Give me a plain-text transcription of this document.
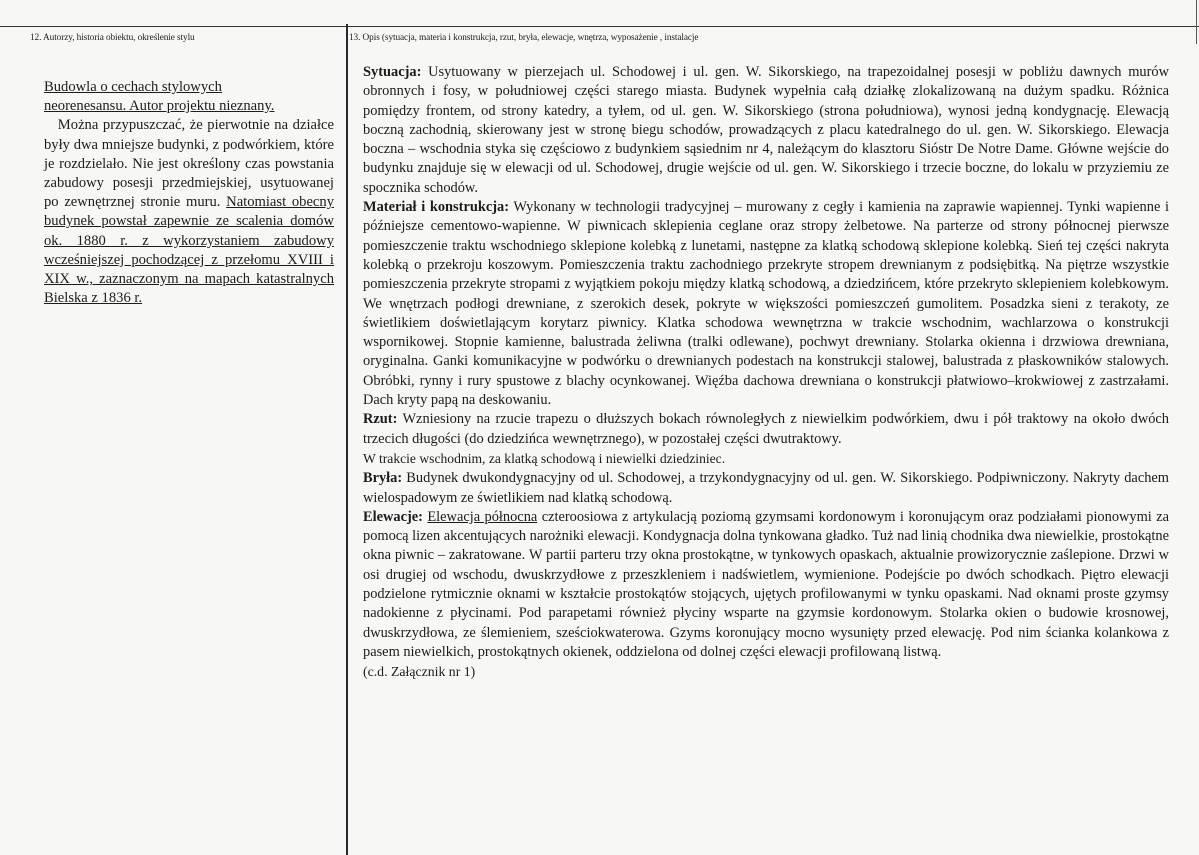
12. Autorzy, historia obiektu, określenie stylu	13. Opis (sytuacja, materia i konstrukcja, rzut, bryła, elewacje, wnętrza, wyposażenie , instalacje
Budowla o cechach stylowych
neorenesansu. Autor projektu nieznany.

Można przypuszczać, że pierwotnie na działce były dwa mniejsze budynki, z podwórkiem, które je rozdzielało. Nie jest określony czas powstania zabudowy posesji przedmiejskiej, usytuowanej po zewnętrznej stronie muru. Natomiast obecny budynek powstał zapewnie ze scalenia domów ok. 1880 r. z wykorzystaniem zabudowy wcześniejszej pochodzącej z przełomu XVIII i XIX w., zaznaczonym na mapach katastralnych Bielska z 1836 r.

Sytuacja: Usytuowany w pierzejach ul. Schodowej i ul. gen. W. Sikorskiego, na trapezoidalnej posesji w pobliżu dawnych murów obronnych i fosy, w południowej części starego miasta. Budynek wypełnia całą działkę zlokalizowaną na dużym spadku. Różnica pomiędzy frontem, od strony katedry, a tyłem, od ul. gen. W. Sikorskiego (strona południowa), wynosi jedną kondygnację. Elewacją boczną zachodnią, skierowany jest w stronę biegu schodów, prowadzących z placu katedralnego do ul. gen. W. Sikorskiego. Elewacja boczna – wschodnia styka się częściowo z budynkiem sąsiednim nr 4, należącym do klasztoru Sióstr De Notre Dame. Główne wejście do budynku znajduje się w elewacji od ul. Schodowej, drugie wejście od ul. gen. W. Sikorskiego i trzecie boczne, do lokalu w przyziemiu ze spocznika schodów.

Materiał i konstrukcja: Wykonany w technologii tradycyjnej – murowany z cegły i kamienia na zaprawie wapiennej. Tynki wapienne i późniejsze cementowo-wapienne. W piwnicach sklepienia ceglane oraz stropy żelbetowe. Na parterze od strony północnej pierwsze pomieszczenie traktu wschodniego sklepione kolebką z lunetami, następne za klatką schodową sklepione kolebką. Sień tej części nakryta kolebką o przekroju koszowym. Pomieszczenia traktu zachodniego przekryte stropem drewnianym z podsiębitką. Na piętrze wszystkie pomieszczenia przekryte stropami z wyjątkiem pokoju między klatką schodową, a dziedzińcem, które przekryto sklepieniem kolebkowym. We wnętrzach podłogi drewniane, z szerokich desek, pokryte w większości pomieszczeń gumolitem. Posadzka sieni z terakoty, ze świetlikiem doświetlającym korytarz piwnicy. Klatka schodowa wewnętrzna w trakcie wschodnim, wachlarzowa o konstrukcji wspornikowej. Stopnie kamienne, balustrada żeliwna (tralki odlewane), pochwyt drewniany. Stolarka okienna i drzwiowa drewniana, oryginalna. Ganki komunikacyjne w podwórku o drewnianych podestach na konstrukcji stalowej, balustrada z płaskowników stalowych. Obróbki, rynny i rury spustowe z blachy ocynkowanej. Więźba dachowa drewniana o konstrukcji płatwiowo–krokwiowej z zastrzałami. Dach kryty papą na deskowaniu.

Rzut: Wzniesiony na rzucie trapezu o dłuższych bokach równoległych z niewielkim podwórkiem, dwu i pół traktowy na około dwóch trzecich długości (do dziedzińca wewnętrznego), w pozostałej części dwutraktowy.
W trakcie wschodnim, za klatką schodową i niewielki dziedziniec.

Bryła: Budynek dwukondygnacyjny od ul. Schodowej, a trzykondygnacyjny od ul. gen. W. Sikorskiego. Podpiwniczony. Nakryty dachem wielospadowym ze świetlikiem nad klatką schodową.

Elewacje: Elewacja północna czteroosiowa z artykulacją poziomą gzymsami kordonowym i koronującym oraz podziałami pionowymi za pomocą lizen akcentujących narożniki elewacji. Kondygnacja dolna tynkowana gładko. Tuż nad linią chodnika dwa niewielkie, prostokątne okna piwnic – zakratowane. W partii parteru trzy okna prostokątne, w tynkowych opaskach, aktualnie prowizorycznie zaślepione. Drzwi w osi drugiej od wschodu, dwuskrzydłowe z przeszkleniem i nadświetlem, wymienione. Podejście po dwóch schodkach. Piętro elewacji podzielone rytmicznie oknami w kształcie prostokątów stojących, ujętych profilowanymi w tynku opaskami. Nad oknami proste gzymsy nadokienne z płycinami. Pod parapetami również płyciny wsparte na gzymsie kordonowym. Stolarka okien o budowie krosnowej, dwuskrzydłowa, ze ślemieniem, sześciokwaterowa. Gzyms koronujący mocno wysunięty przed elewację. Pod nim ścianka kolankowa z pasem niewielkich, prostokątnych okienek, oddzielona od dolnej części elewacji profilowaną listwą.

(c.d. Załącznik nr 1)
